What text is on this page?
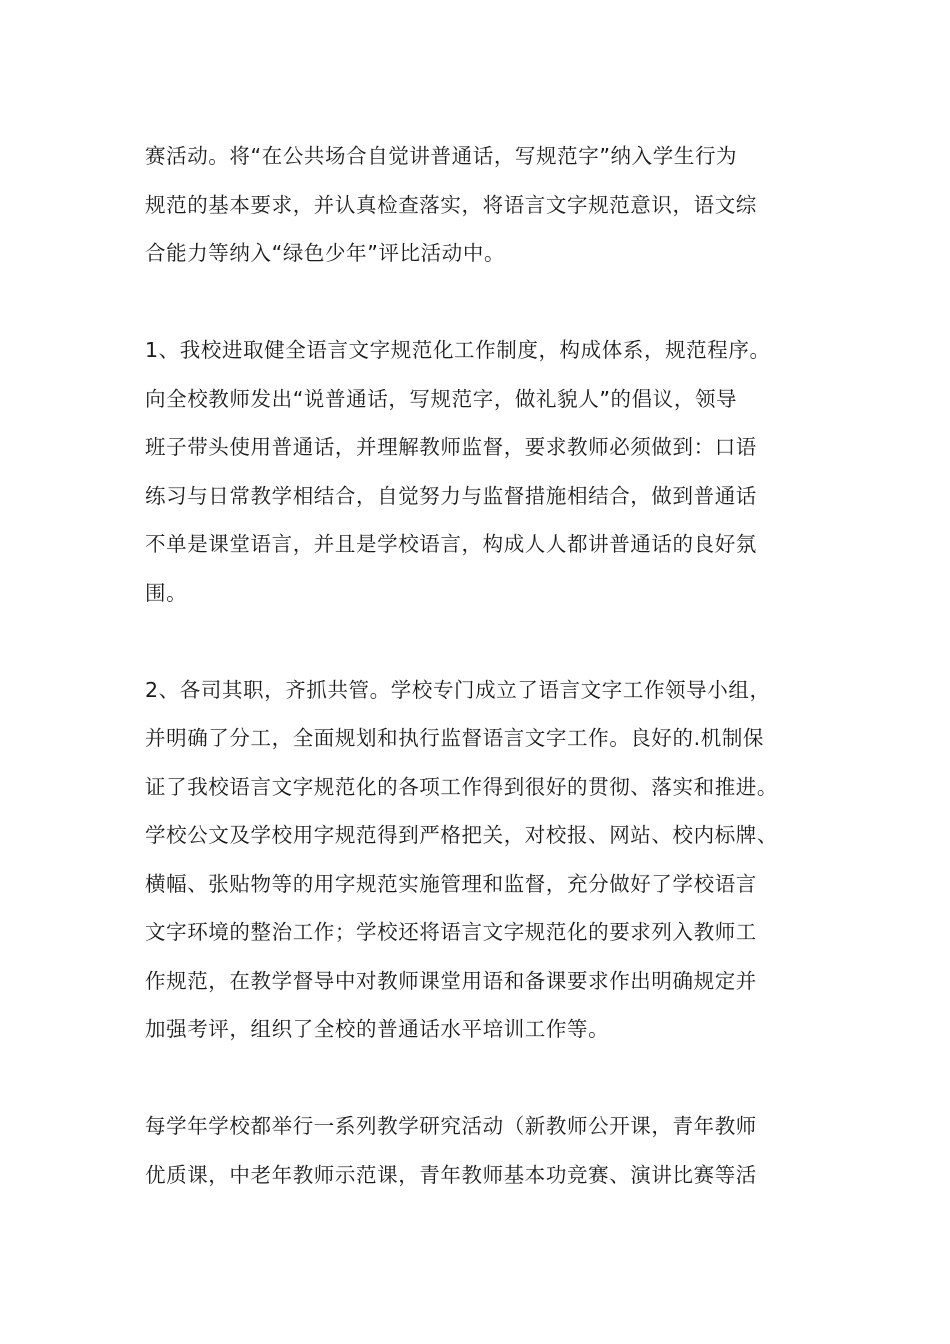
赛活动。将“在公共场合自觉讲普通话，写规范字”纳入学生行为
规范的基本要求，并认真检查落实，将语言文字规范意识，语文综
合能力等纳入“绿色少年”评比活动中。
1、我校进取健全语言文字规范化工作制度，构成体系，规范程序。
向全校教师发出“说普通话，写规范字，做礼貌人”的倡议，领导
班子带头使用普通话，并理解教师监督，要求教师必须做到：口语
练习与日常教学相结合，自觉努力与监督措施相结合，做到普通话
不单是课堂语言，并且是学校语言，构成人人都讲普通话的良好氛
围。
2、各司其职，齐抓共管。学校专门成立了语言文字工作领导小组，
并明确了分工，全面规划和执行监督语言文字工作。良好的.机制保
证了我校语言文字规范化的各项工作得到很好的贯彻、落实和推进。
学校公文及学校用字规范得到严格把关，对校报、网站、校内标牌、
横幅、张贴物等的用字规范实施管理和监督，充分做好了学校语言
文字环境的整治工作；学校还将语言文字规范化的要求列入教师工
作规范，在教学督导中对教师课堂用语和备课要求作出明确规定并
加强考评，组织了全校的普通话水平培训工作等。
每学年学校都举行一系列教学研究活动（新教师公开课，青年教师
优质课，中老年教师示范课，青年教师基本功竞赛、演讲比赛等活
